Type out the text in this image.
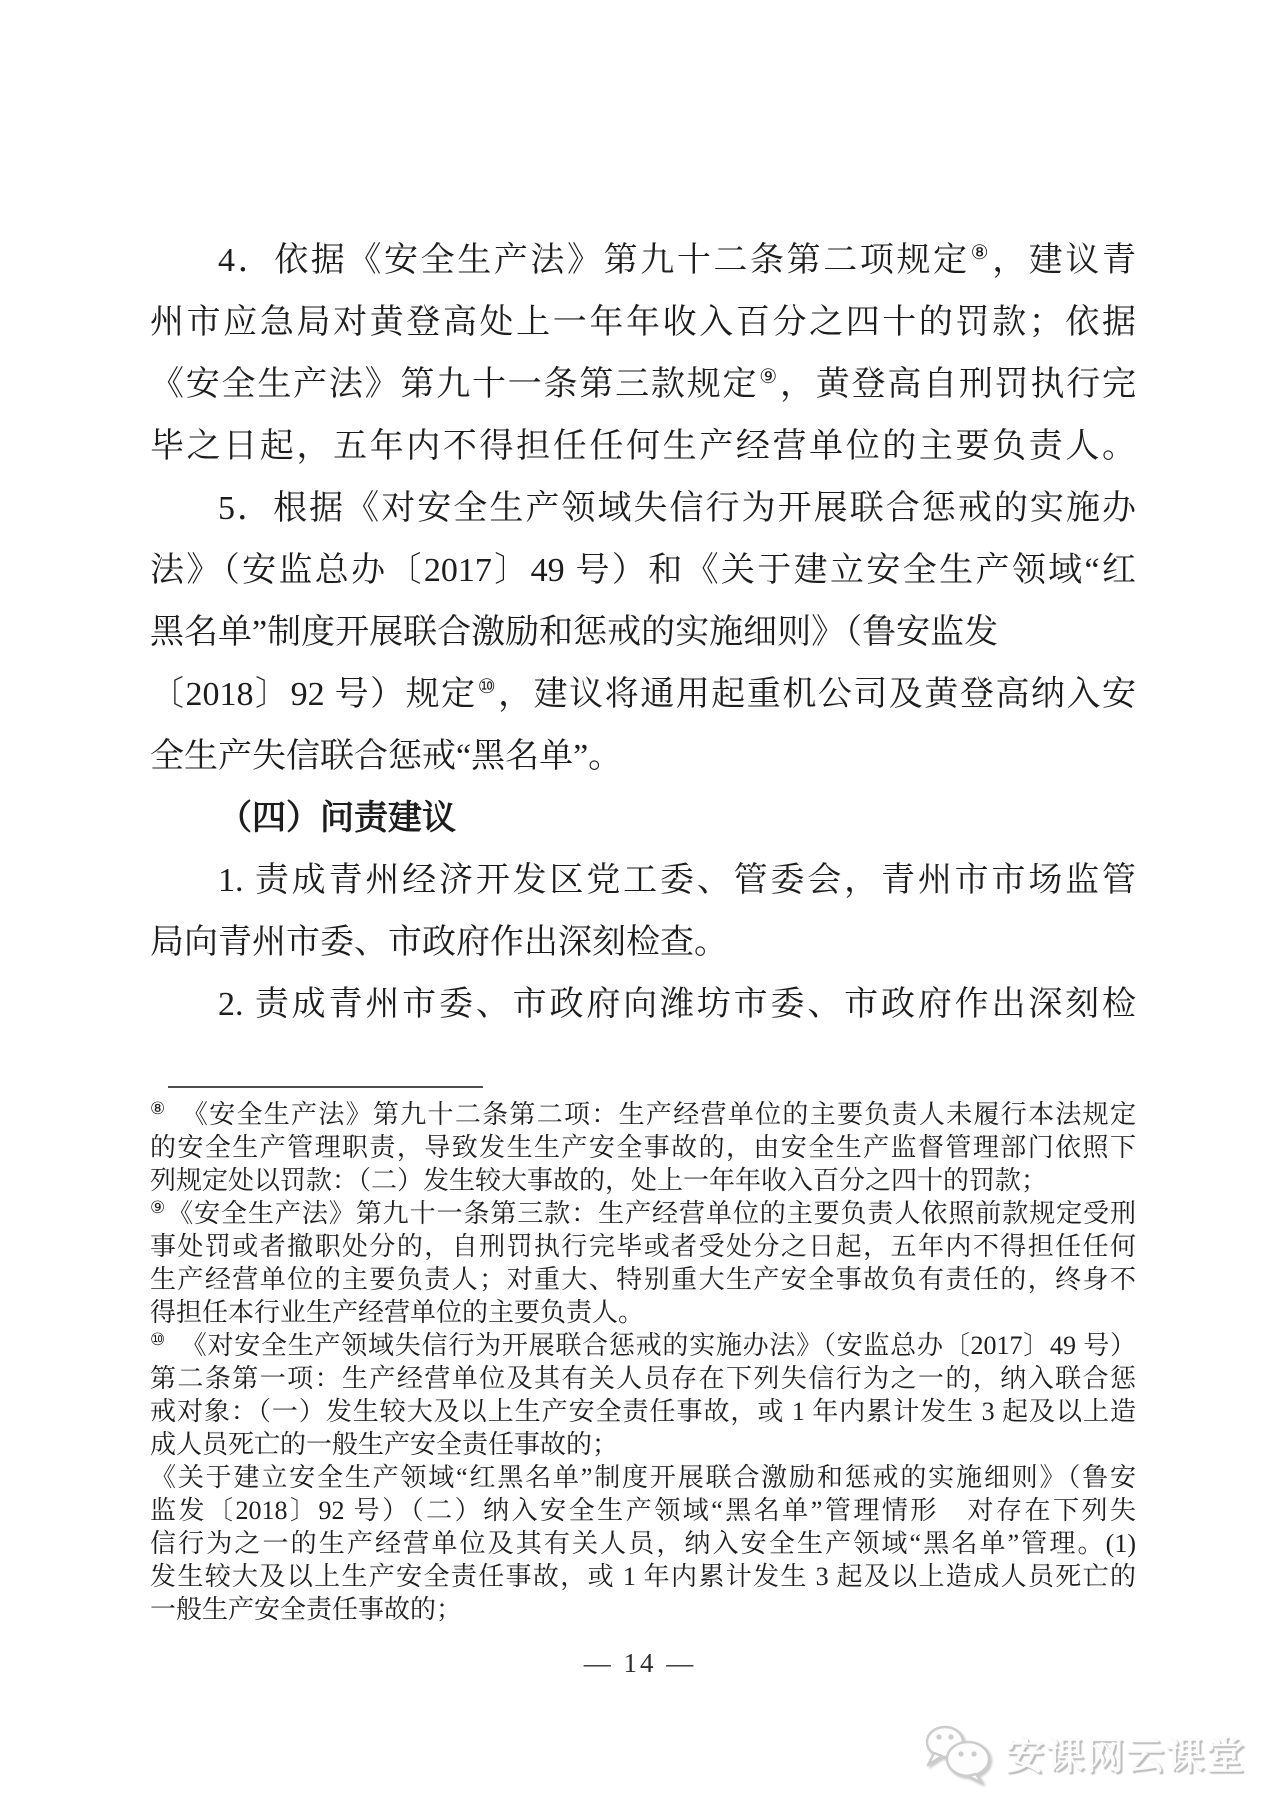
4．依据《安全生产法》第九十二条第二项规定⑧，建议青
州市应急局对黄登高处上一年年收入百分之四十的罚款；依据
《安全生产法》第九十一条第三款规定⑨，黄登高自刑罚执行完
毕之日起，五年内不得担任任何生产经营单位的主要负责人。
5．根据《对安全生产领域失信行为开展联合惩戒的实施办
法》（安监总办〔2017〕49 号）和《关于建立安全生产领域“红
黑名单”制度开展联合激励和惩戒的实施细则》（鲁安监发
〔2018〕92 号）规定⑩，建议将通用起重机公司及黄登高纳入安
全生产失信联合惩戒“黑名单”。
（四）问责建议
1. 责成青州经济开发区党工委、管委会，青州市市场监管
局向青州市委、市政府作出深刻检查。
2. 责成青州市委、市政府向潍坊市委、市政府作出深刻检
⑧　《安全生产法》第九十二条第二项：生产经营单位的主要负责人未履行本法规定
的安全生产管理职责，导致发生生产安全事故的，由安全生产监督管理部门依照下
列规定处以罚款：（二）发生较大事故的，处上一年年收入百分之四十的罚款；
⑨《安全生产法》第九十一条第三款：生产经营单位的主要负责人依照前款规定受刑
事处罚或者撤职处分的，自刑罚执行完毕或者受处分之日起，五年内不得担任任何
生产经营单位的主要负责人；对重大、特别重大生产安全事故负有责任的，终身不
得担任本行业生产经营单位的主要负责人。
⑩　《对安全生产领域失信行为开展联合惩戒的实施办法》（安监总办〔2017〕49 号）
第二条第一项：生产经营单位及其有关人员存在下列失信行为之一的，纳入联合惩
戒对象：（一）发生较大及以上生产安全责任事故，或 1 年内累计发生 3 起及以上造
成人员死亡的一般生产安全责任事故的；
《关于建立安全生产领域“红黑名单”制度开展联合激励和惩戒的实施细则》（鲁安
监发〔2018〕92 号）（二）纳入安全生产领域“黑名单”管理情形　对存在下列失
信行为之一的生产经营单位及其有关人员，纳入安全生产领域“黑名单”管理。(1)
发生较大及以上生产安全责任事故，或 1 年内累计发生 3 起及以上造成人员死亡的
一般生产安全责任事故的；
— 14 —
安课网云课堂
